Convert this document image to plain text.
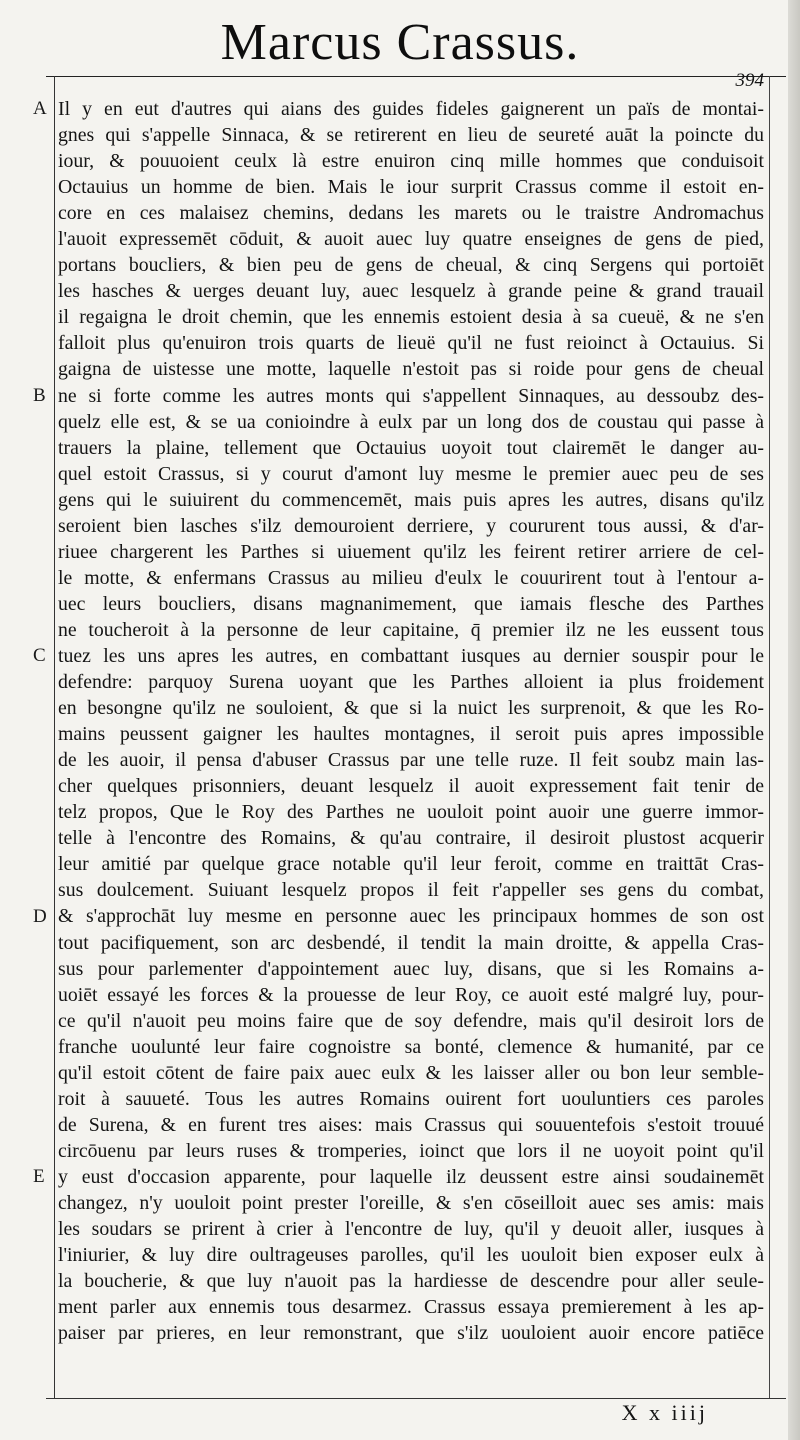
Marcus Crassus.
394
A
B
C
D
E
Il y en eut d'autres qui aians des guides fideles gaignerent un païs de montai-
gnes qui s'appelle Sinnaca, & se retirerent en lieu de seureté auāt la poincte du
iour, & pouuoient ceulx là estre enuiron cinq mille hommes que conduisoit
Octauius un homme de bien. Mais le iour surprit Crassus comme il estoit en-
core en ces malaisez chemins, dedans les marets ou le traistre Andromachus
l'auoit expressemēt cōduit, & auoit auec luy quatre enseignes de gens de pied,
portans boucliers, & bien peu de gens de cheual, & cinq Sergens qui portoiēt
les hasches & uerges deuant luy, auec lesquelz à grande peine & grand trauail
il regaigna le droit chemin, que les ennemis estoient desia à sa cueuë, & ne s'en
falloit plus qu'enuiron trois quarts de lieuë qu'il ne fust reioinct à Octauius. Si
gaigna de uistesse une motte, laquelle n'estoit pas si roide pour gens de cheual
ne si forte comme les autres monts qui s'appellent Sinnaques, au dessoubz des-
quelz elle est, & se ua conioindre à eulx par un long dos de coustau qui passe à
trauers la plaine, tellement que Octauius uoyoit tout clairemēt le danger au-
quel estoit Crassus, si y courut d'amont luy mesme le premier auec peu de ses
gens qui le suiuirent du commencemēt, mais puis apres les autres, disans qu'ilz
seroient bien lasches s'ilz demouroient derriere, y coururent tous aussi, & d'ar-
riuee chargerent les Parthes si uiuement qu'ilz les feirent retirer arriere de cel-
le motte, & enfermans Crassus au milieu d'eulx le couurirent tout à l'entour a-
uec leurs boucliers, disans magnanimement, que iamais flesche des Parthes
ne toucheroit à la personne de leur capitaine, q̄ premier ilz ne les eussent tous
tuez les uns apres les autres, en combattant iusques au dernier souspir pour le
defendre: parquoy Surena uoyant que les Parthes alloient ia plus froidement
en besongne qu'ilz ne souloient, & que si la nuict les surprenoit, & que les Ro-
mains peussent gaigner les haultes montagnes, il seroit puis apres impossible
de les auoir, il pensa d'abuser Crassus par une telle ruze. Il feit soubz main las-
cher quelques prisonniers, deuant lesquelz il auoit expressement fait tenir de
telz propos, Que le Roy des Parthes ne uouloit point auoir une guerre immor-
telle à l'encontre des Romains, & qu'au contraire, il desiroit plustost acquerir
leur amitié par quelque grace notable qu'il leur feroit, comme en traittāt Cras-
sus doulcement. Suiuant lesquelz propos il feit r'appeller ses gens du combat,
& s'approchāt luy mesme en personne auec les principaux hommes de son ost
tout pacifiquement, son arc desbendé, il tendit la main droitte, & appella Cras-
sus pour parlementer d'appointement auec luy, disans, que si les Romains a-
uoiēt essayé les forces & la prouesse de leur Roy, ce auoit esté malgré luy, pour-
ce qu'il n'auoit peu moins faire que de soy defendre, mais qu'il desiroit lors de
franche uoulunté leur faire cognoistre sa bonté, clemence & humanité, par ce
qu'il estoit cōtent de faire paix auec eulx & les laisser aller ou bon leur semble-
roit à sauueté. Tous les autres Romains ouirent fort uouluntiers ces paroles
de Surena, & en furent tres aises: mais Crassus qui souuentefois s'estoit trouué
circōuenu par leurs ruses & tromperies, ioinct que lors il ne uoyoit point qu'il
y eust d'occasion apparente, pour laquelle ilz deussent estre ainsi soudainemēt
changez, n'y uouloit point prester l'oreille, & s'en cōseilloit auec ses amis: mais
les soudars se prirent à crier à l'encontre de luy, qu'il y deuoit aller, iusques à
l'iniurier, & luy dire oultrageuses parolles, qu'il les uouloit bien exposer eulx à
la boucherie, & que luy n'auoit pas la hardiesse de descendre pour aller seule-
ment parler aux ennemis tous desarmez. Crassus essaya premierement à les ap-
paiser par prieres, en leur remonstrant, que s'ilz uouloient auoir encore patiēce
X x iiij
